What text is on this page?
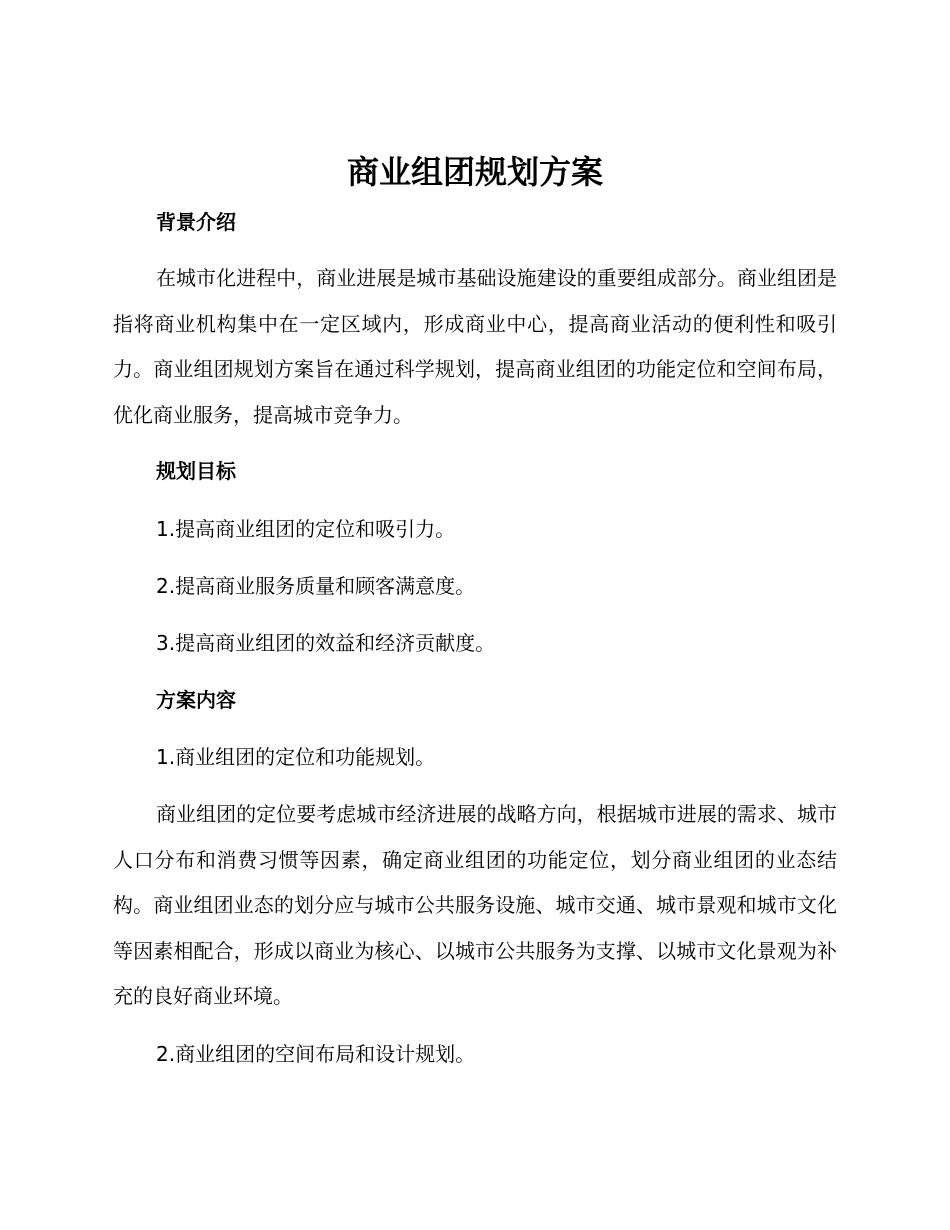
商业组团规划方案
背景介绍

在城市化进程中，商业进展是城市基础设施建设的重要组成部分。商业组团是指将商业机构集中在一定区域内，形成商业中心，提高商业活动的便利性和吸引力。商业组团规划方案旨在通过科学规划，提高商业组团的功能定位和空间布局，优化商业服务，提高城市竞争力。

规划目标
1.提高商业组团的定位和吸引力。
2.提高商业服务质量和顾客满意度。
3.提高商业组团的效益和经济贡献度。
方案内容
1.商业组团的定位和功能规划。

商业组团的定位要考虑城市经济进展的战略方向，根据城市进展的需求、城市人口分布和消费习惯等因素，确定商业组团的功能定位，划分商业组团的业态结构。商业组团业态的划分应与城市公共服务设施、城市交通、城市景观和城市文化等因素相配合，形成以商业为核心、以城市公共服务为支撑、以城市文化景观为补充的良好商业环境。

2.商业组团的空间布局和设计规划。
